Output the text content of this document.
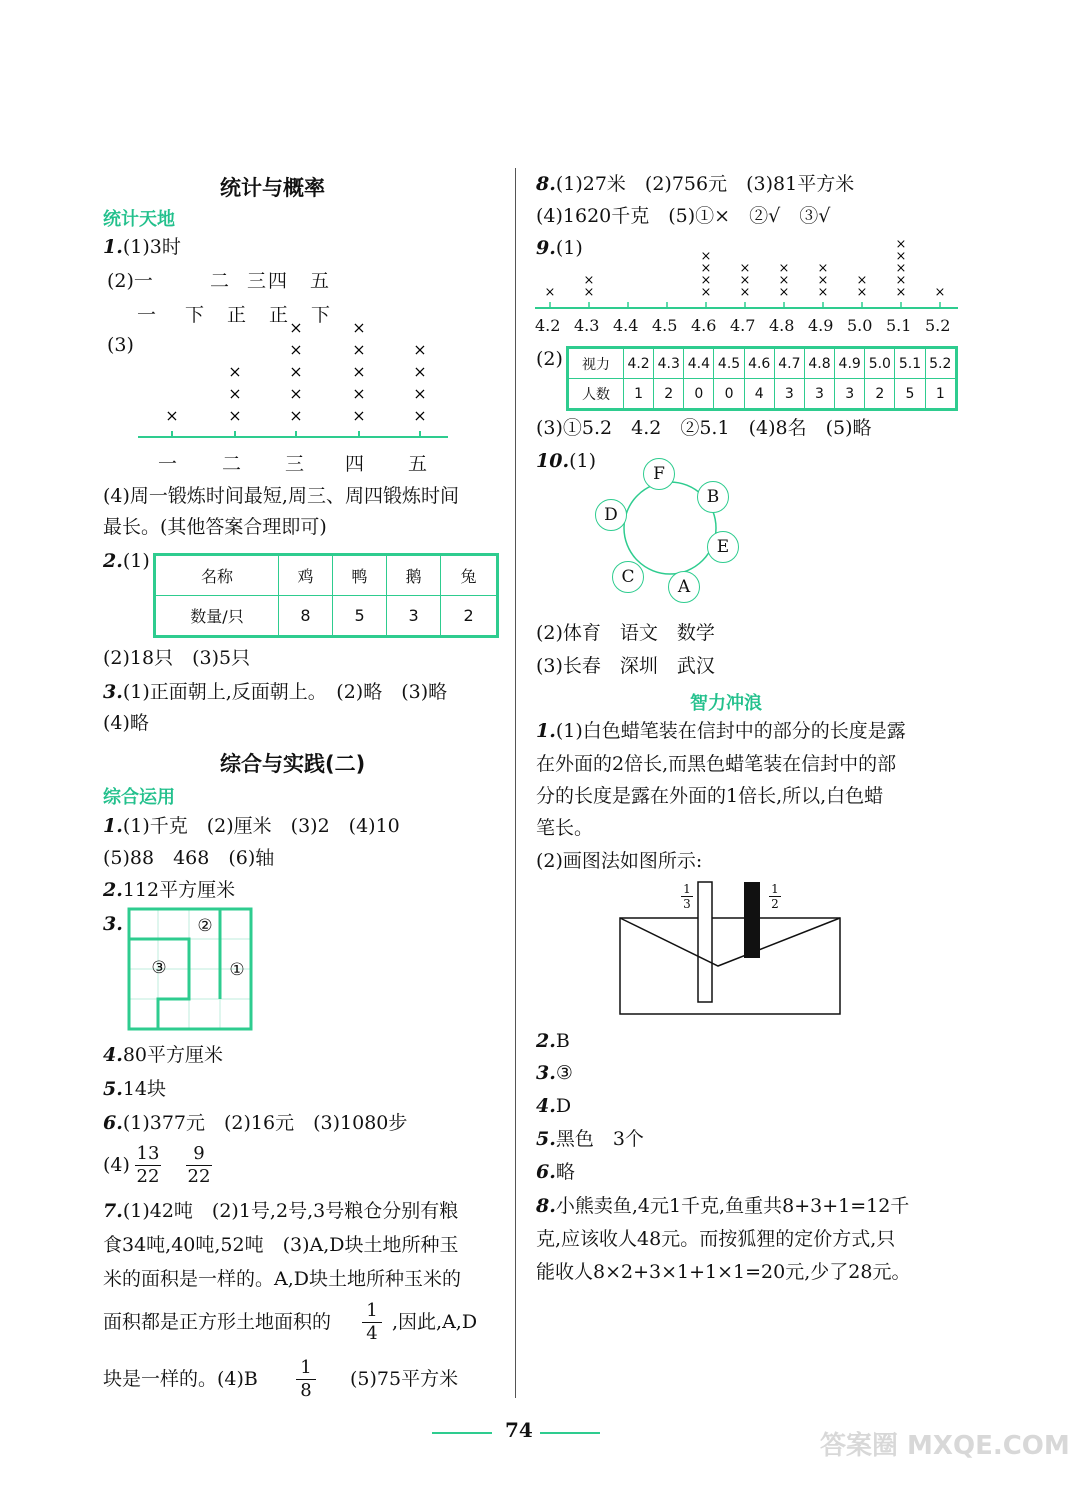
统计与概率
统计天地
1.(1)3时
(2)一	二 三 四 五
一 下 正 正 下
(3)
×	×
×
×
×
×
×
×
×
×
×
×
×
×
×
×
×
×
一 二 三 四 五
(4)周一锻炼时间最短,周三、周四锻炼时间
最长。(其他答案合理即可)
2.(1)
名称	鸡	鸭	鹅	兔
数量/只	8	5	3	2
(2)18只　(3)5只
3.(1)正面朝上,反面朝上。　(2)略　(3)略
(4)略
综合与实践(二)
综合运用
1.(1)千克　(2)厘米　(3)2　(4)10
(5)88　468　(6)轴
2.112平方厘米
3.	②
③	①
4.80平方厘米
5.14块
6.(1)377元　(2)16元　(3)1080步
(4)
13
22
9
22
7.(1)42吨　(2)1号,2号,3号粮仓分别有粮
食34吨,40吨,52吨　(3)A,D块土地所种玉
米的面积是一样的。A,D块土地所种玉米的
面积都是正方形土地面积的
1
4
,因此,A,D
块是一样的。(4)B
1
8
(5)75平方米
8.(1)27米　(2)756元　(3)81平方米
(4)1620千克　(5)①×　②√　③√
9.(1)
× ×
×
×
×
×
×
×
×
×
×
×
×
×
×
×
×
×
×
×
×
×
×
×
4.2 4.3 4.4 4.5 4.6 4.7 4.8 4.9 5.0 5.1 5.2
(2) 视力	4.2	4.3	4.4	4.5	4.6	4.7	4.8	4.9	5.0	5.1	5.2
人数	1	2	0	0	4	3	3	3	2	5	1
(3)①5.2　4.2　②5.1　(4)8名　(5)略
10.(1)
F
B
D
E
C	A
(2)体育　语文　数学
(3)长春　深圳　武汉
智力冲浪
1.(1)白色蜡笔装在信封中的部分的长度是露
在外面的2倍长,而黑色蜡笔装在信封中的部
分的长度是露在外面的1倍长,所以,白色蜡
笔长。
(2)画图法如图所示:
1
3
1
2
2.B
3.③
4.D
5.黑色　3个
6.略
8.小熊卖鱼,4元1千克,鱼重共8+3+1=12千
克,应该收人48元。而按狐狸的定价方式,只
能收人8×2+3×1+1×1=20元,少了28元。
74
答案圈 MXQE.COM
